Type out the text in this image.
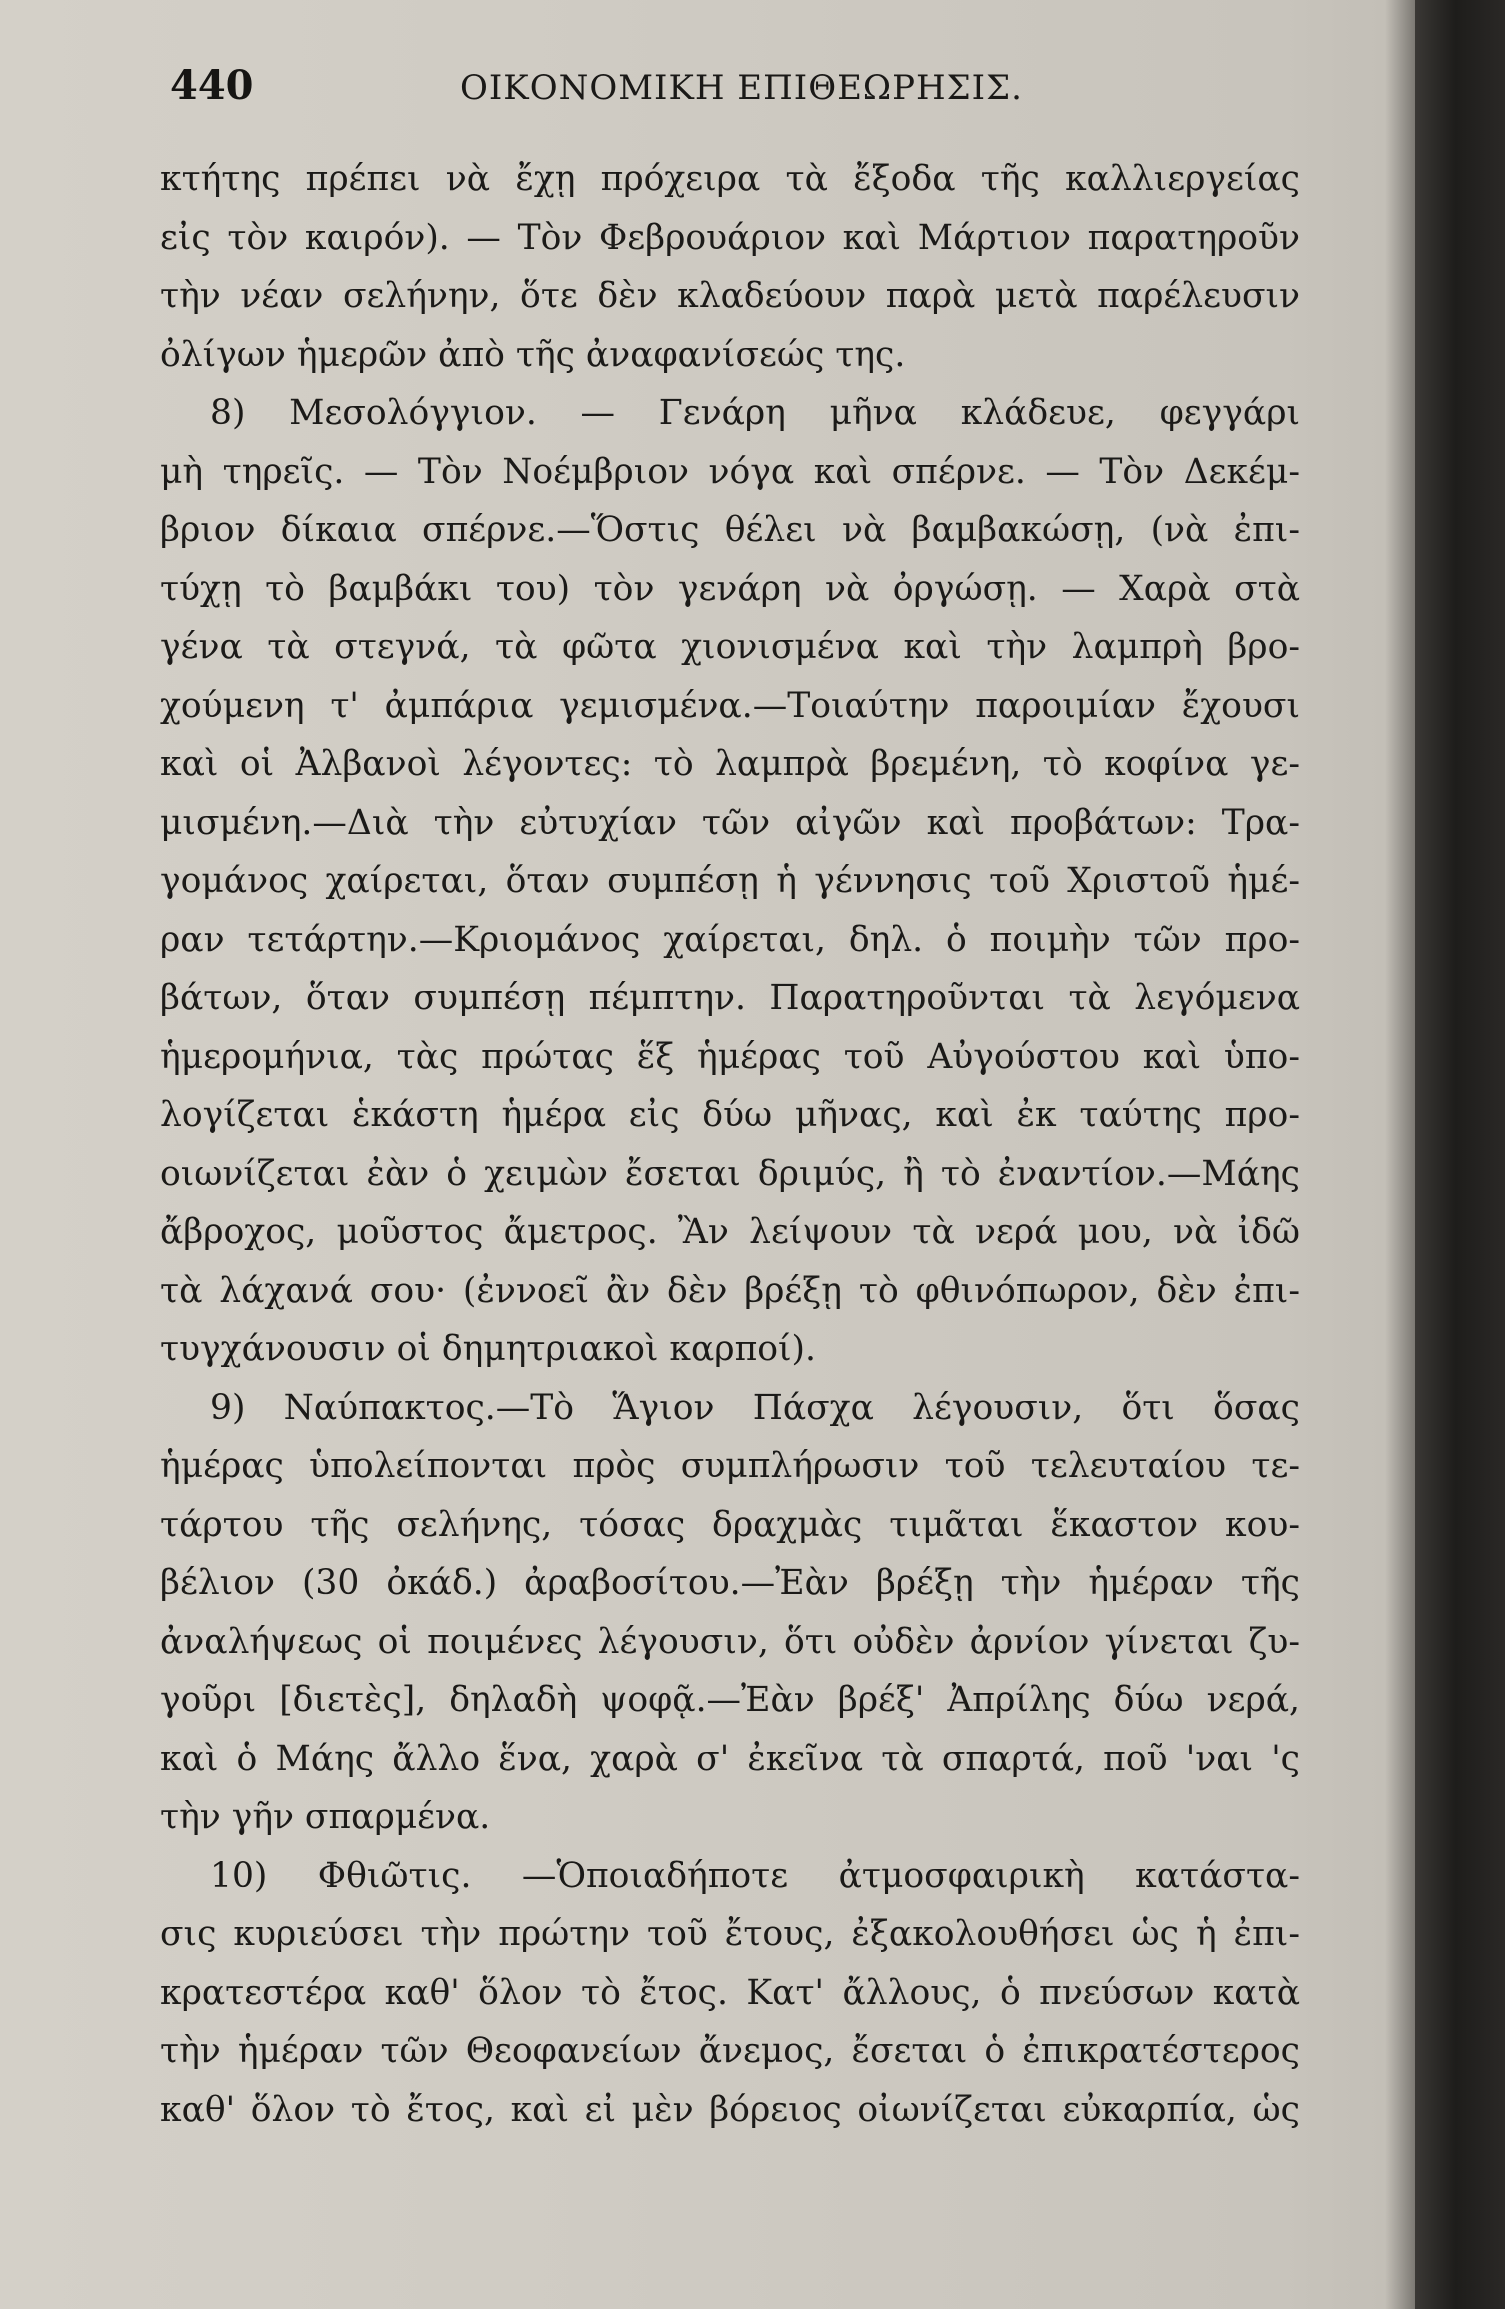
440	ΟΙΚΟΝΟΜΙΚΗ ΕΠΙΘΕΩΡΗΣΙΣ.
κτήτης πρέπει νὰ ἔχῃ πρόχειρα τὰ ἔξοδα τῆς καλλιεργείας
εἰς τὸν καιρόν). — Τὸν Φεβρουάριον καὶ Μάρτιον παρατηροῦν
τὴν νέαν σελήνην, ὅτε δὲν κλαδεύουν παρὰ μετὰ παρέλευσιν
ὀλίγων ἡμερῶν ἀπὸ τῆς ἀναφανίσεώς της.
8) Μεσολόγγιον. — Γενάρη μῆνα κλάδευε, φεγγάρι
μὴ τηρεῖς. — Τὸν Νοέμβριον νόγα καὶ σπέρνε. — Τὸν Δεκέμ-
βριον δίκαια σπέρνε.—Ὅστις θέλει νὰ βαμβακώσῃ, (νὰ ἐπι-
τύχῃ τὸ βαμβάκι του) τὸν γενάρη νὰ ὀργώσῃ. — Χαρὰ στὰ
γένα τὰ στεγνά, τὰ φῶτα χιονισμένα καὶ τὴν λαμπρὴ βρο-
χούμενη τ' ἀμπάρια γεμισμένα.—Τοιαύτην παροιμίαν ἔχουσι
καὶ οἱ Ἀλβανοὶ λέγοντες: τὸ λαμπρὰ βρεμένη, τὸ κοφίνα γε-
μισμένη.—Διὰ τὴν εὐτυχίαν τῶν αἰγῶν καὶ προβάτων: Τρα-
γομάνος χαίρεται, ὅταν συμπέσῃ ἡ γέννησις τοῦ Χριστοῦ ἡμέ-
ραν τετάρτην.—Κριομάνος χαίρεται, δηλ. ὁ ποιμὴν τῶν προ-
βάτων, ὅταν συμπέσῃ πέμπτην. Παρατηροῦνται τὰ λεγόμενα
ἡμερομήνια, τὰς πρώτας ἕξ ἡμέρας τοῦ Αὐγούστου καὶ ὑπο-
λογίζεται ἑκάστη ἡμέρα εἰς δύω μῆνας, καὶ ἐκ ταύτης προ-
οιωνίζεται ἐὰν ὁ χειμὼν ἔσεται δριμύς, ἢ τὸ ἐναντίον.—Μάης
ἄβροχος, μοῦστος ἄμετρος. Ἂν λείψουν τὰ νερά μου, νὰ ἰδῶ
τὰ λάχανά σου· (ἐννοεῖ ἂν δὲν βρέξῃ τὸ φθινόπωρον, δὲν ἐπι-
τυγχάνουσιν οἱ δημητριακοὶ καρποί).
9) Ναύπακτος.—Τὸ Ἅγιον Πάσχα λέγουσιν, ὅτι ὅσας
ἡμέρας ὑπολείπονται πρὸς συμπλήρωσιν τοῦ τελευταίου τε-
τάρτου τῆς σελήνης, τόσας δραχμὰς τιμᾶται ἕκαστον κου-
βέλιον (30 ὀκάδ.) ἀραβοσίτου.—Ἐὰν βρέξῃ τὴν ἡμέραν τῆς
ἀναλήψεως οἱ ποιμένες λέγουσιν, ὅτι οὐδὲν ἀρνίον γίνεται ζυ-
γοῦρι [διετὲς], δηλαδὴ ψοφᾷ.—Ἐὰν βρέξ' Ἀπρίλης δύω νερά,
καὶ ὁ Μάης ἄλλο ἕνα, χαρὰ σ' ἐκεῖνα τὰ σπαρτά, ποῦ 'ναι 'ς
τὴν γῆν σπαρμένα.
10) Φθιῶτις. —Ὁποιαδήποτε ἀτμοσφαιρικὴ κατάστα-
σις κυριεύσει τὴν πρώτην τοῦ ἔτους, ἐξακολουθήσει ὡς ἡ ἐπι-
κρατεστέρα καθ' ὅλον τὸ ἔτος. Κατ' ἄλλους, ὁ πνεύσων κατὰ
τὴν ἡμέραν τῶν Θεοφανείων ἄνεμος, ἔσεται ὁ ἐπικρατέστερος
καθ' ὅλον τὸ ἔτος, καὶ εἰ μὲν βόρειος οἰωνίζεται εὐκαρπία, ὡς
